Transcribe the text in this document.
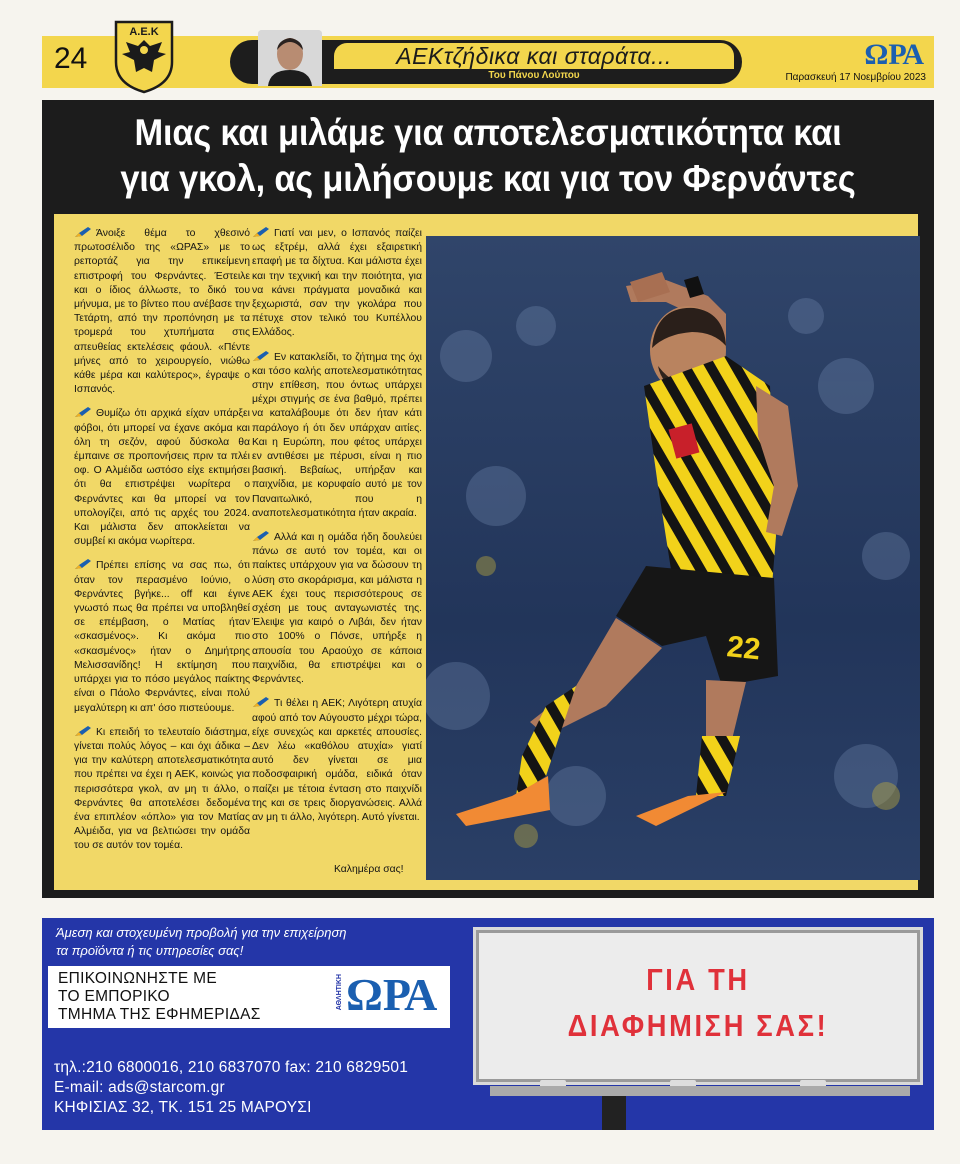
24
Α.Ε.Κ
ΑΕΚτζήδικα και σταράτα...
Του Πάνου Λούπου
ΩΡΑ
Παρασκευή 17 Νοεμβρίου 2023
Μιας και μιλάμε για αποτελεσματικότητα και
για γκολ, ας μιλήσουμε και για τον Φερνάντες

Άνοιξε θέμα το χθεσινό πρωτοσέλιδο της «ΩΡΑΣ» με το ρεπορτάζ για την επικείμενη επιστροφή του Φερνάντες. Έστειλε και ο ίδιος άλλωστε, το δικό του μήνυμα, με το βίντεο που ανέβασε την Τετάρτη, από την προπόνηση με τα τρομερά του χτυπήματα στις απευθείας εκτελέσεις φάουλ. «Πέντε μήνες από το χειρουργείο, νιώθω κάθε μέρα και καλύτερος», έγραψε ο Ισπανός.

Θυμίζω ότι αρχικά είχαν υπάρξει φόβοι, ότι μπορεί να έχανε ακόμα και όλη τη σεζόν, αφού δύσκολα θα έμπαινε σε προπονήσεις πριν τα πλέι οφ. Ο Αλμέιδα ωστόσο είχε εκτιμήσει ότι θα επιστρέψει νωρίτερα ο Φερνάντες και θα μπορεί να τον υπολογίζει, από τις αρχές του 2024. Και μάλιστα δεν αποκλείεται να συμβεί κι ακόμα νωρίτερα.

Πρέπει επίσης να σας πω, ότι όταν τον περασμένο Ιούνιο, ο Φερνάντες βγήκε... off και έγινε γνωστό πως θα πρέπει να υποβληθεί σε επέμβαση, ο Ματίας ήταν «σκασμένος». Κι ακόμα πιο «σκασμένος» ήταν ο Δημήτρης Μελισσανίδης! Η εκτίμηση που υπάρχει για το πόσο μεγάλος παίκτης είναι ο Πάολο Φερνάντες, είναι πολύ μεγαλύτερη κι απ' όσο πιστεύουμε.

Κι επειδή το τελευταίο διάστημα, γίνεται πολύς λόγος – και όχι άδικα – για την καλύτερη αποτελεσματικότητα που πρέπει να έχει η ΑΕΚ, κοινώς για περισσότερα γκολ, αν μη τι άλλο, ο Φερνάντες θα αποτελέσει δεδομένα ένα επιπλέον «όπλο» για τον Ματίας Αλμέιδα, για να βελτιώσει την ομάδα του σε αυτόν τον τομέα.

Γιατί ναι μεν, ο Ισπανός παίζει ως εξτρέμ, αλλά έχει εξαιρετική επαφή με τα δίχτυα. Και μάλιστα έχει και την τεχνική και την ποιότητα, για να κάνει πράγματα μοναδικά και ξεχωριστά, σαν την γκολάρα που πέτυχε στον τελικό του Κυπέλλου Ελλάδος.

Εν κατακλείδι, το ζήτημα της όχι και τόσο καλής αποτελεσματικότητας στην επίθεση, που όντως υπάρχει μέχρι στιγμής σε ένα βαθμό, πρέπει να καταλάβουμε ότι δεν ήταν κάτι παράλογο ή ότι δεν υπάρχαν αιτίες. Και η Ευρώπη, που φέτος υπάρχει εν αντιθέσει με πέρυσι, είναι η πιο βασική. Βεβαίως, υπήρξαν και παιχνίδια, με κορυφαίο αυτό με τον Παναιτωλικό, που η αναποτελεσματικότητα ήταν ακραία.

Αλλά και η ομάδα ήδη δουλεύει πάνω σε αυτό τον τομέα, και οι παίκτες υπάρχουν για να δώσουν τη λύση στο σκοράρισμα, και μάλιστα η ΑΕΚ έχει τους περισσότερους σε σχέση με τους ανταγωνιστές της. Έλειψε για καιρό ο Λιβάι, δεν ήταν στο 100% ο Πόνσε, υπήρξε η απουσία του Αραούχο σε κάποια παιχνίδια, θα επιστρέψει και ο Φερνάντες.

Τι θέλει η ΑΕΚ; Λιγότερη ατυχία αφού από τον Αύγουστο μέχρι τώρα, είχε συνεχώς και αρκετές απουσίες. Δεν λέω «καθόλου ατυχία» γιατί αυτό δεν γίνεται σε μια ποδοσφαιρική ομάδα, ειδικά όταν παίζει με τέτοια ένταση στο παιχνίδι της και σε τρεις διοργανώσεις. Αλλά αν μη τι άλλο, λιγότερη. Αυτό γίνεται.

Καλημέρα σας!
22
Άμεση και στοχευμένη προβολή για την επιχείρηση
τα προϊόντα ή τις υπηρεσίες σας!
ΕΠΙΚΟΙΝΩΝΗΣΤΕ ΜΕ
ΤΟ ΕΜΠΟΡΙΚΟ
ΤΜΗΜΑ ΤΗΣ ΕΦΗΜΕΡΙΔΑΣ
ΑΘΛΗΤΙΚΗ ΩΡΑ
τηλ.:210 6800016, 210 6837070 fax: 210 6829501
E-mail: ads@starcom.gr
ΚΗΦΙΣΙΑΣ 32, ΤΚ. 151 25 ΜΑΡΟΥΣΙ
ΓΙΑ ΤΗ
ΔΙΑΦΗΜΙΣΗ ΣΑΣ!
